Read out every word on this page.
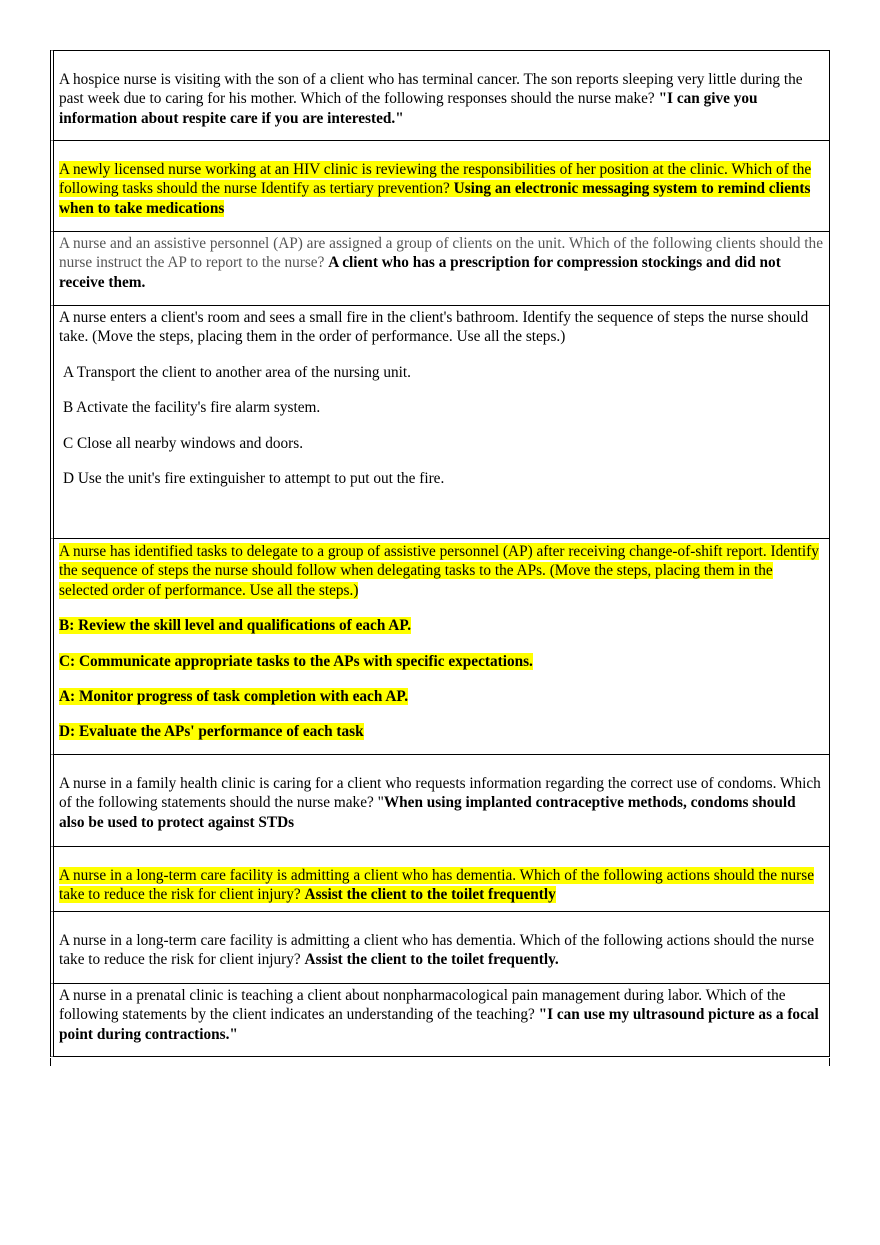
A hospice nurse is visiting with the son of a client who has terminal cancer. The son reports sleeping very little during the past week due to caring for his mother. Which of the following responses should the nurse make? "I can give you information about respite care if you are interested."
A newly licensed nurse working at an HIV clinic is reviewing the responsibilities of her position at the clinic. Which of the following tasks should the nurse Identify as tertiary prevention? Using an electronic messaging system to remind clients when to take medications
A nurse and an assistive personnel (AP) are assigned a group of clients on the unit. Which of the following clients should the nurse instruct the AP to report to the nurse? A client who has a prescription for compression stockings and did not receive them.
A nurse enters a client's room and sees a small fire in the client's bathroom. Identify the sequence of steps the nurse should take. (Move the steps, placing them in the order of performance. Use all the steps.)
A Transport the client to another area of the nursing unit.
B Activate the facility's fire alarm system.
C Close all nearby windows and doors.
D Use the unit's fire extinguisher to attempt to put out the fire.
A nurse has identified tasks to delegate to a group of assistive personnel (AP) after receiving change-of-shift report. Identify the sequence of steps the nurse should follow when delegating tasks to the APs. (Move the steps, placing them in the selected order of performance. Use all the steps.)
B: Review the skill level and qualifications of each AP.
C: Communicate appropriate tasks to the APs with specific expectations.
A: Monitor progress of task completion with each AP.
D: Evaluate the APs' performance of each task
A nurse in a family health clinic is caring for a client who requests information regarding the correct use of condoms. Which of the following statements should the nurse make? "When using implanted contraceptive methods, condoms should also be used to protect against STDs
A nurse in a long-term care facility is admitting a client who has dementia. Which of the following actions should the nurse take to reduce the risk for client injury? Assist the client to the toilet frequently
A nurse in a long-term care facility is admitting a client who has dementia. Which of the following actions should the nurse take to reduce the risk for client injury? Assist the client to the toilet frequently.
A nurse in a prenatal clinic is teaching a client about nonpharmacological pain management during labor. Which of the following statements by the client indicates an understanding of the teaching? "I can use my ultrasound picture as a focal point during contractions."
